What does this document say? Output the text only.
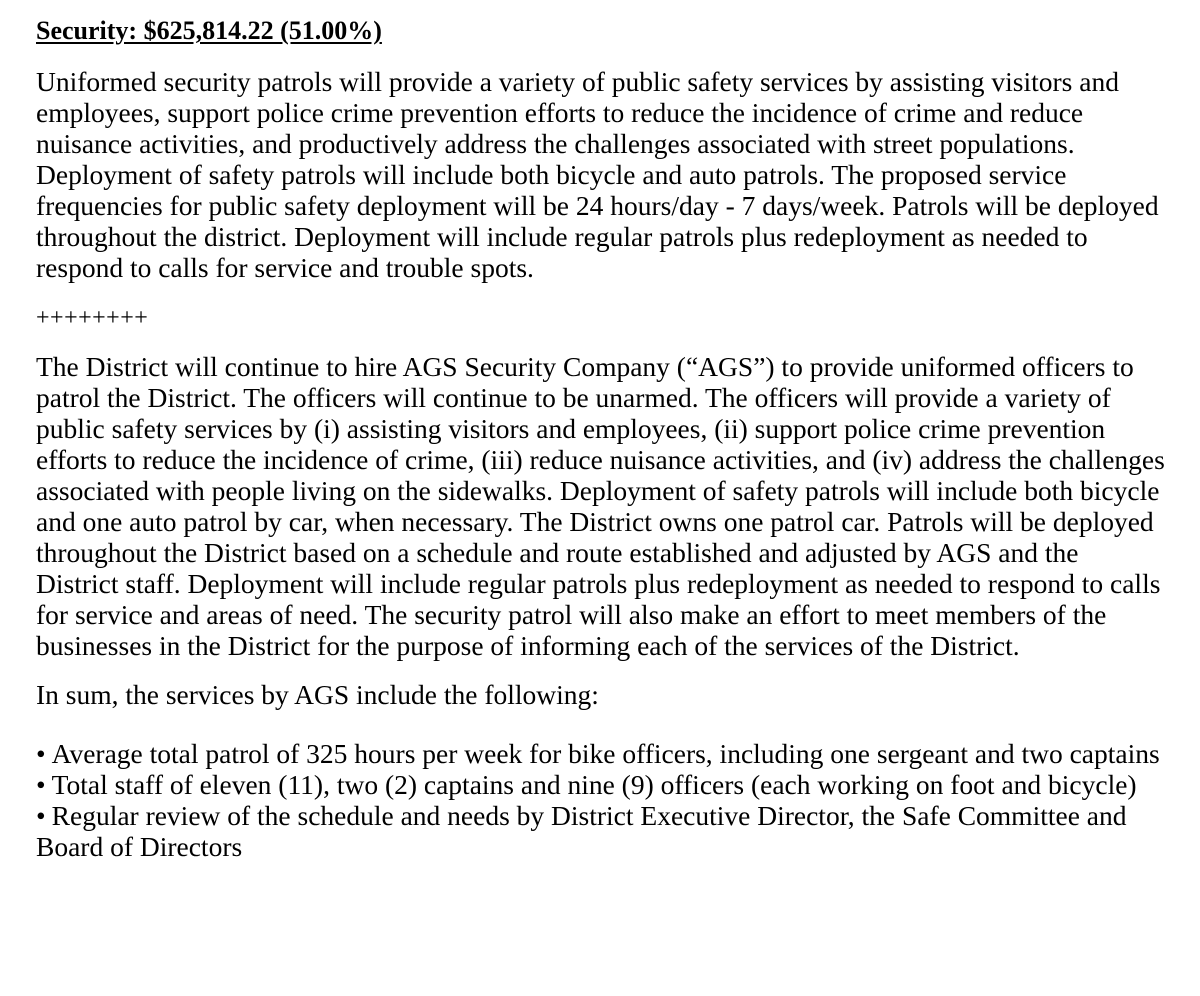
Security: $625,814.22 (51.00%)
Uniformed security patrols will provide a variety of public safety services by assisting visitors and employees, support police crime prevention efforts to reduce the incidence of crime and reduce nuisance activities, and productively address the challenges associated with street populations. Deployment of safety patrols will include both bicycle and auto patrols. The proposed service frequencies for public safety deployment will be 24 hours/day - 7 days/week. Patrols will be deployed throughout the district. Deployment will include regular patrols plus redeployment as needed to respond to calls for service and trouble spots.
++++++++
The District will continue to hire AGS Security Company (“AGS”) to provide uniformed officers to patrol the District. The officers will continue to be unarmed. The officers will provide a variety of public safety services by (i) assisting visitors and employees, (ii) support police crime prevention efforts to reduce the incidence of crime, (iii) reduce nuisance activities, and (iv) address the challenges associated with people living on the sidewalks. Deployment of safety patrols will include both bicycle and one auto patrol by car, when necessary. The District owns one patrol car. Patrols will be deployed throughout the District based on a schedule and route established and adjusted by AGS and the District staff. Deployment will include regular patrols plus redeployment as needed to respond to calls for service and areas of need. The security patrol will also make an effort to meet members of the businesses in the District for the purpose of informing each of the services of the District.
In sum, the services by AGS include the following:
• Average total patrol of 325 hours per week for bike officers, including one sergeant and two captains
• Total staff of eleven (11), two (2) captains and nine (9) officers (each working on foot and bicycle)
• Regular review of the schedule and needs by District Executive Director, the Safe Committee and Board of Directors
